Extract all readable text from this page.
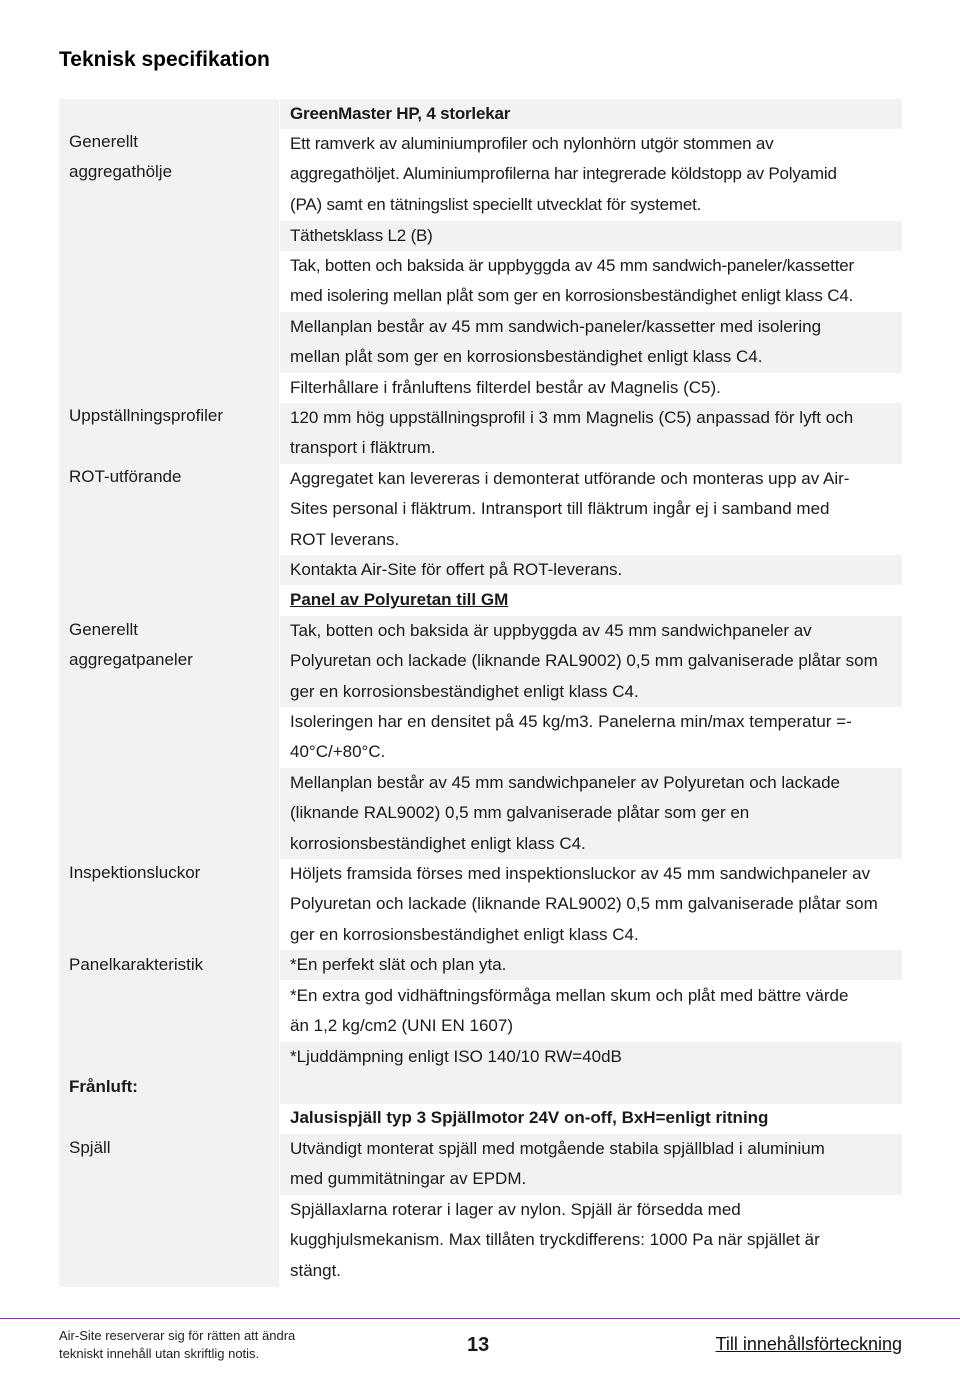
Teknisk specifikation
Generellt
aggregathölje
Uppställningsprofiler
ROT-utförande
Generellt
aggregatpaneler
Inspektionsluckor
Panelkarakteristik
Frånluft:
Spjäll
GreenMaster HP, 4 storlekar
Ett ramverk av aluminiumprofiler och nylonhörn utgör stommen av
aggregathöljet. Aluminiumprofilerna har integrerade köldstopp av Polyamid
(PA) samt en tätningslist speciellt utvecklat för systemet.
Täthetsklass L2 (B)
Tak, botten och baksida är uppbyggda av 45 mm sandwich-paneler/kassetter
med isolering mellan plåt som ger en korrosionsbeständighet enligt klass C4.
Mellanplan består av 45 mm sandwich-paneler/kassetter med isolering
mellan plåt som ger en korrosionsbeständighet enligt klass C4.
Filterhållare i frånluftens filterdel består av Magnelis (C5).
120 mm hög uppställningsprofil i 3 mm Magnelis (C5) anpassad för lyft och
transport i fläktrum.
Aggregatet kan levereras i demonterat utförande och monteras upp av Air-
Sites personal i fläktrum. Intransport till fläktrum ingår ej i samband med
ROT leverans.
Kontakta Air-Site för offert på ROT-leverans.
Panel av Polyuretan till GM
Tak, botten och baksida är uppbyggda av 45 mm sandwichpaneler av
Polyuretan och lackade (liknande RAL9002) 0,5 mm galvaniserade plåtar som
ger en korrosionsbeständighet enligt klass C4.
Isoleringen har en densitet på 45 kg/m3. Panelerna min/max temperatur =-
40°C/+80°C.
Mellanplan består av 45 mm sandwichpaneler av Polyuretan och lackade
(liknande RAL9002) 0,5 mm galvaniserade plåtar som ger en
korrosionsbeständighet enligt klass C4.
Höljets framsida förses med inspektionsluckor av 45 mm sandwichpaneler av
Polyuretan och lackade (liknande RAL9002) 0,5 mm galvaniserade plåtar som
ger en korrosionsbeständighet enligt klass C4.
*En perfekt slät och plan yta.
*En extra god vidhäftningsförmåga mellan skum och plåt med bättre värde
än 1,2 kg/cm2 (UNI EN 1607)
*Ljuddämpning enligt ISO 140/10 RW=40dB
Jalusispjäll typ 3 Spjällmotor 24V on-off, BxH=enligt ritning
Utvändigt monterat spjäll med motgående stabila spjällblad i aluminium
med gummitätningar av EPDM.
Spjällaxlarna roterar i lager av nylon. Spjäll är försedda med
kugghjulsmekanism. Max tillåten tryckdifferens: 1000 Pa när spjället är
stängt.
Air-Site reserverar sig för rätten att ändra
tekniskt innehåll utan skriftlig notis.	13	Till innehållsförteckning
